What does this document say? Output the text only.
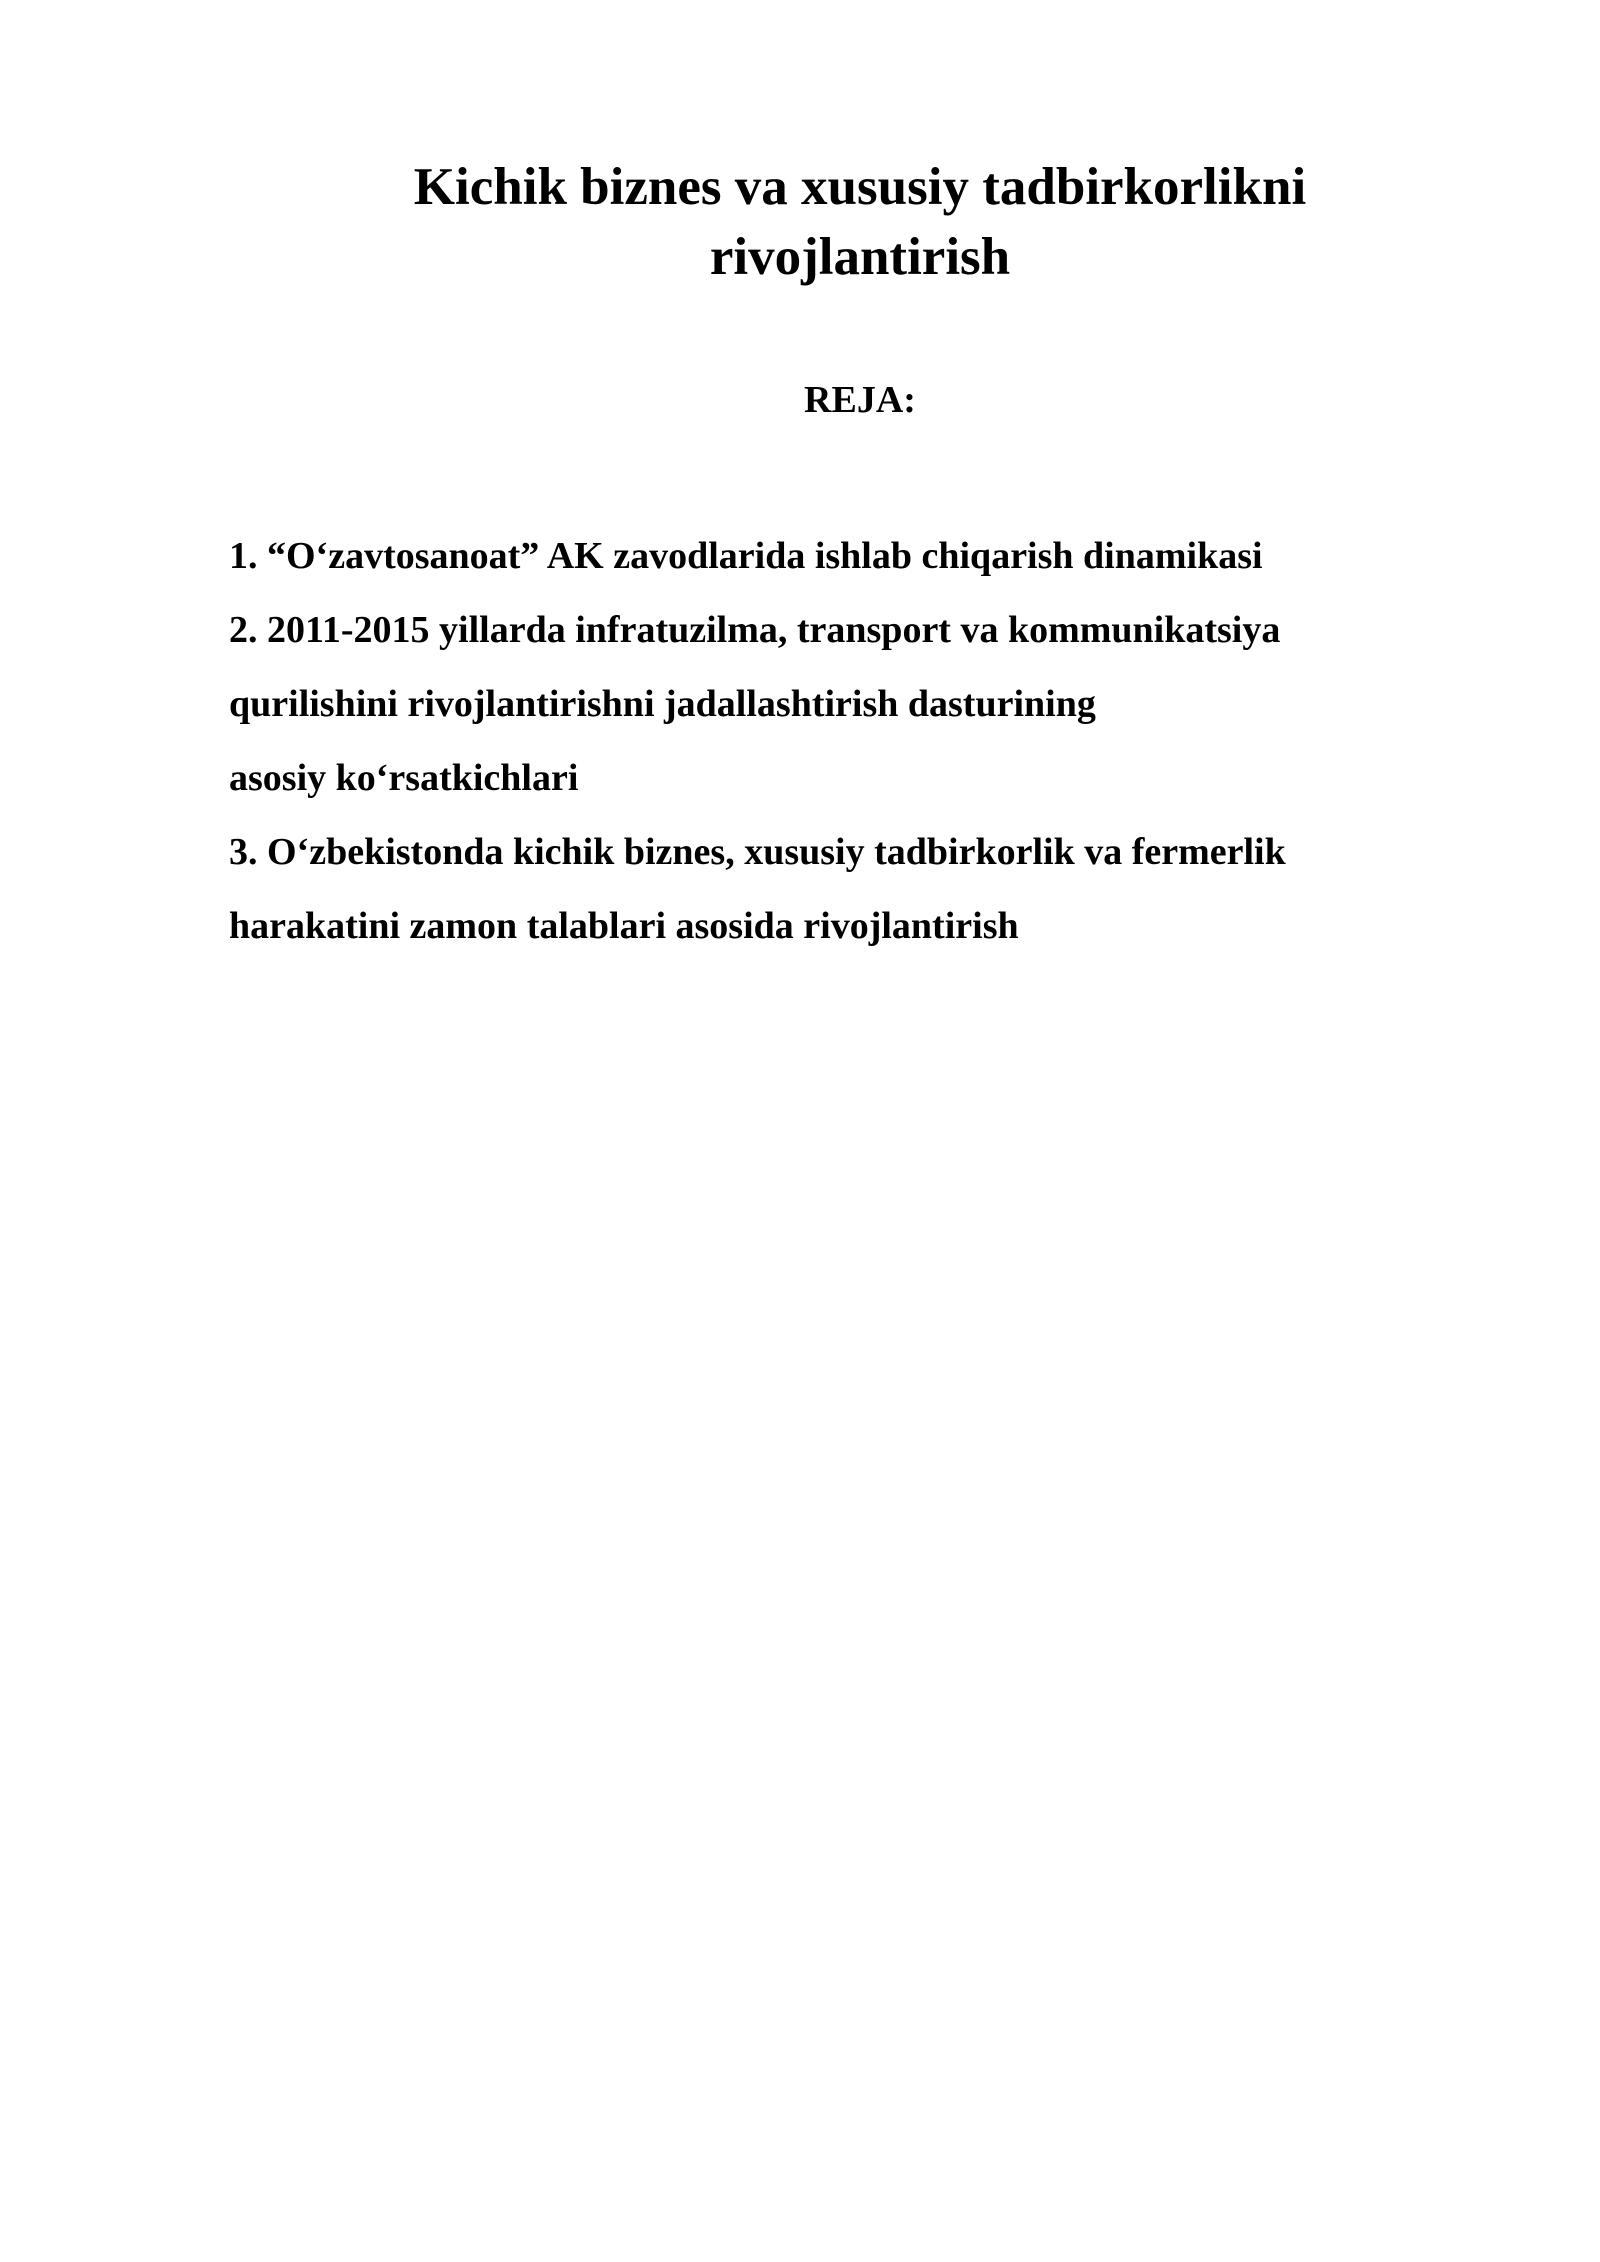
Kichik biznes va xususiy tadbirkorlikni
rivojlantirish
REJA:
1. “O‘zavtosanoat” AK zavodlarida ishlab chiqarish dinamikasi
2. 2011-2015 yillarda infratuzilma, transport va kommunikatsiya
qurilishini rivojlantirishni jadallashtirish dasturining
asosiy ko‘rsatkichlari
3. O‘zbekistonda kichik biznes, xususiy tadbirkorlik va fermerlik
harakatini zamon talablari asosida rivojlantirish
